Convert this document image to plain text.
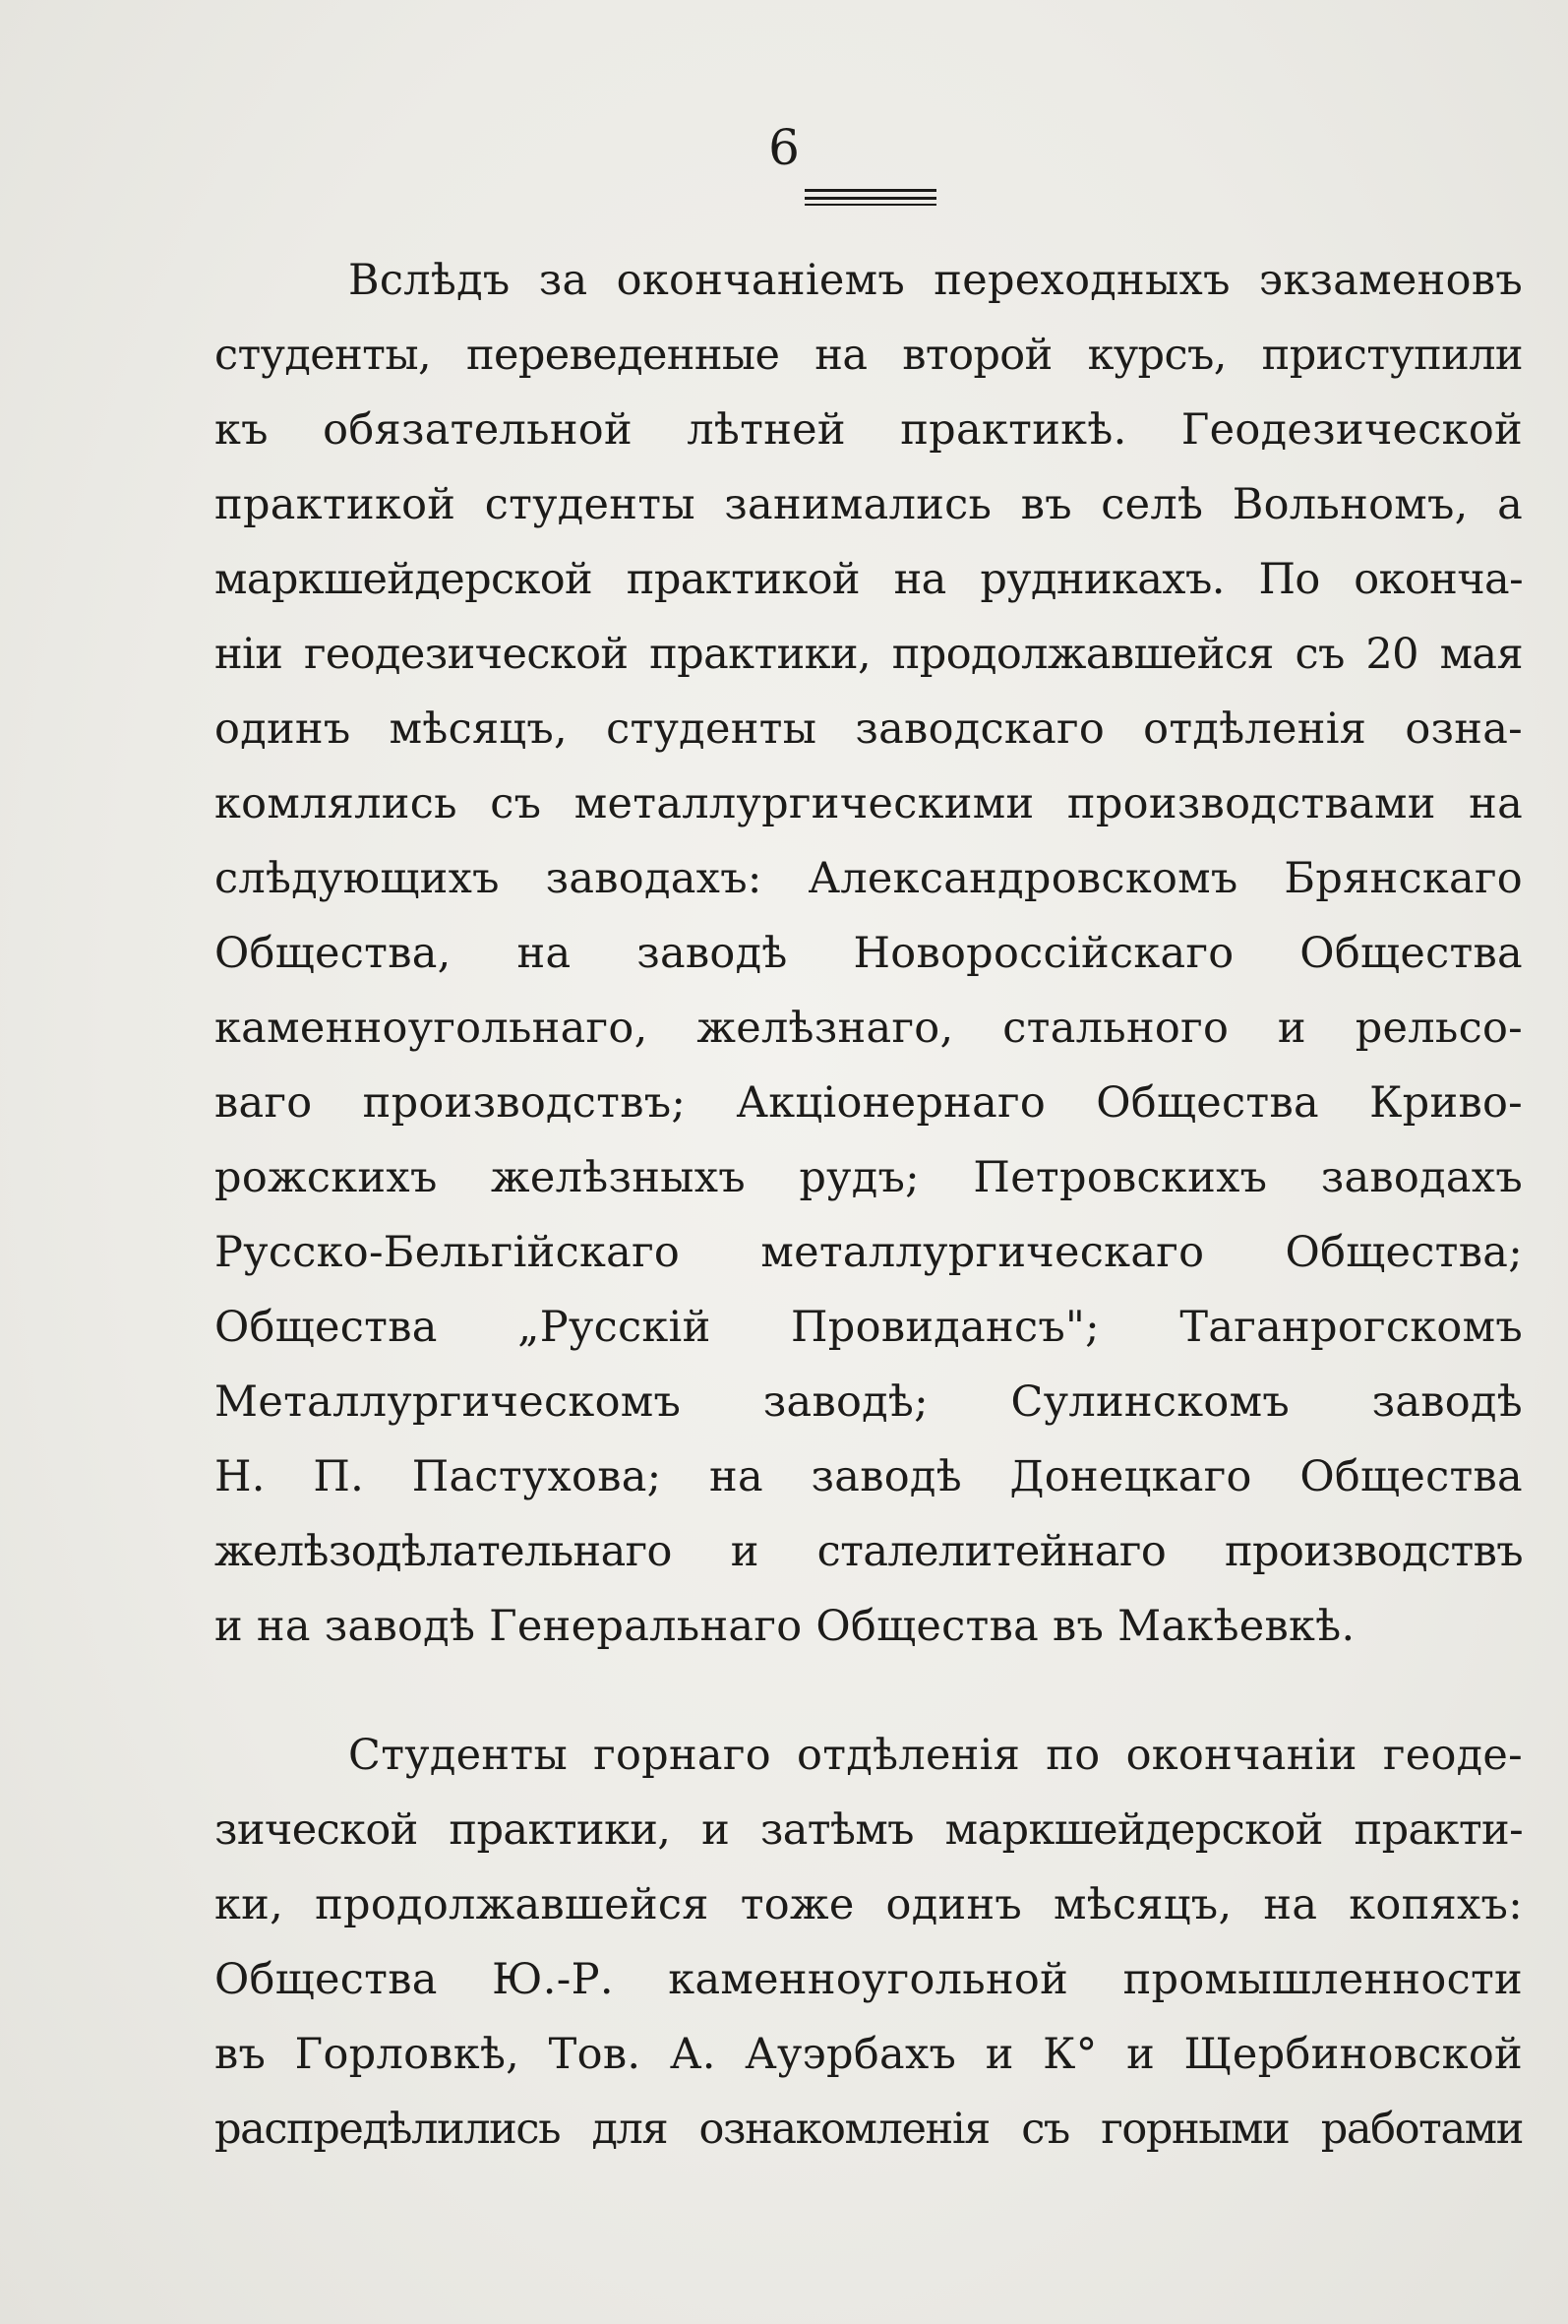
6
Вслѣдъ за окончаніемъ переходныхъ экзаменовъ
студенты, переведенные на второй курсъ, приступили
къ обязательной лѣтней практикѣ. Геодезической
практикой студенты занимались въ селѣ Вольномъ, а
маркшейдерской практикой на рудникахъ. По оконча-
ніи геодезической практики, продолжавшейся съ 20 мая
одинъ мѣсяцъ, студенты заводскаго отдѣленія озна-
комлялись съ металлургическими производствами на
слѣдующихъ заводахъ: Александровскомъ Брянскаго
Общества, на заводѣ Новороссійскаго Общества
каменноугольнаго, желѣзнаго, стального и рельсо-
ваго производствъ; Акціонернаго Общества Криво-
рожскихъ желѣзныхъ рудъ; Петровскихъ заводахъ
Русско-Бельгійскаго металлургическаго Общества;
Общества „Русскій Провидансъ"; Таганрогскомъ
Металлургическомъ заводѣ; Сулинскомъ заводѣ
Н. П. Пастухова; на заводѣ Донецкаго Общества
желѣзодѣлательнаго и сталелитейнаго производствъ
и на заводѣ Генеральнаго Общества въ Макѣевкѣ.
Студенты горнаго отдѣленія по окончаніи геоде-
зической практики, и затѣмъ маркшейдерской практи-
ки, продолжавшейся тоже одинъ мѣсяцъ, на копяхъ:
Общества Ю.-Р. каменноугольной промышленности
въ Горловкѣ, Тов. А. Ауэрбахъ и К° и Щербиновской
распредѣлились для ознакомленія съ горными работами
